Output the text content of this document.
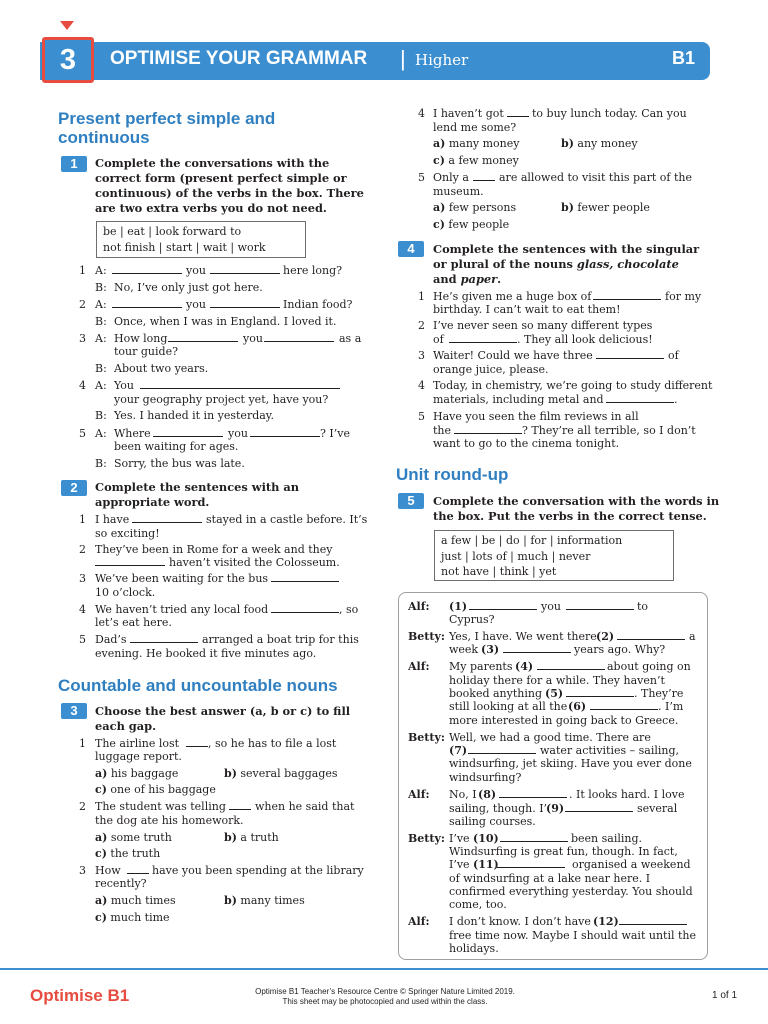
3	OPTIMISE YOUR GRAMMAR | Higher	B1
Present perfect simple and
continuous
1	Complete the conversations with the
correct form (present perfect simple or
continuous) of the verbs in the box. There
are two extra verbs you do not need.
be | eat | look forward to
not finish | start | wait | work
1 A:	you	here long?
B: No, I’ve only just got here.
2 A:	you	Indian food?
B: Once, when I was in England. I loved it.
3 A: How long	you	as a
tour guide?
B: About two years.
4 A: You
your geography project yet, have you?
B: Yes. I handed it in yesterday.
5 A: Where	you	? I’ve
been waiting for ages.
B: Sorry, the bus was late.
2	Complete the sentences with an
appropriate word.
1 I have	stayed in a castle before. It’s
so exciting!
2 They’ve been in Rome for a week and they
haven’t visited the Colosseum.
3 We’ve been waiting for the bus
10 o’clock.
4 We haven’t tried any local food	, so
let’s eat here.
5 Dad’s	arranged a boat trip for this
evening. He booked it five minutes ago.
Countable and uncountable nouns
3	Choose the best answer (a, b or c) to fill
each gap.
1 The airline lost	, so he has to file a lost
luggage report.
a) his baggage	b) several baggages
c) one of his baggage
2 The student was telling	when he said that
the dog ate his homework.
a) some truth	b) a truth
c) the truth
3 How	have you been spending at the library
recently?
a) much times	b) many times
c) much time
4 I haven’t got	to buy lunch today. Can you
lend me some?
a) many money	b) any money
c) a few money
5 Only a	are allowed to visit this part of the
museum.
a) few persons	b) fewer people
c) few people
4	Complete the sentences with the singular
or plural of the nouns glass, chocolate
and paper.
1 He’s given me a huge box of	for my
birthday. I can’t wait to eat them!
2 I’ve never seen so many different types
of	. They all look delicious!
3 Waiter! Could we have three	of
orange juice, please.
4 Today, in chemistry, we’re going to study different
materials, including metal and	.
5 Have you seen the film reviews in all
the	? They’re all terrible, so I don’t
want to go to the cinema tonight.
Unit round-up
5	Complete the conversation with the words in
the box. Put the verbs in the correct tense.
a few | be | do | for | information
just | lots of | much | never
not have | think | yet
Alf: (1)	you	to
Cyprus?
Betty: Yes, I have. We went there (2)	a
week (3)	years ago. Why?
Alf: My parents (4)	about going on
holiday there for a while. They haven’t
booked anything (5)	. They’re
still looking at all the (6)	. I’m
more interested in going back to Greece.
Betty: Well, we had a good time. There are
(7)	water activities – sailing,
windsurfing, jet skiing. Have you ever done
windsurfing?
Alf: No, I (8)	. It looks hard. I love
sailing, though. I’
(9)	several
sailing courses.
Betty: I’ve (10)	been sailing.
Windsurfing is great fun, though. In fact,
I’ve (11)	organised a weekend
of windsurfing at a lake near here. I
confirmed everything yesterday. You should
come, too.
Alf: I don’t know. I don’t have (12)
free time now. Maybe I should wait until the
holidays.
Optimise B1	Optimise B1 Teacher’s Resource Centre © Springer Nature Limited 2019.
This sheet may be photocopied and used within the class.
1 of 1
